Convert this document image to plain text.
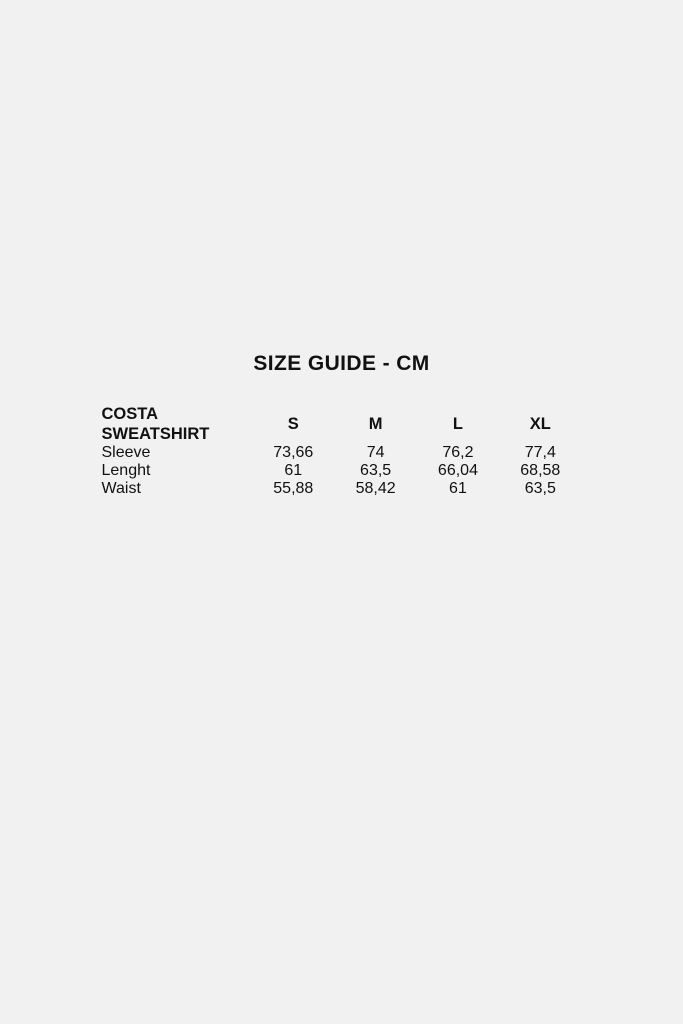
SIZE GUIDE - CM
COSTA SWEATSHIRT	S	M	L	XL
Sleeve	73,66	74	76,2	77,4
Lenght	61	63,5	66,04	68,58
Waist	55,88	58,42	61	63,5
